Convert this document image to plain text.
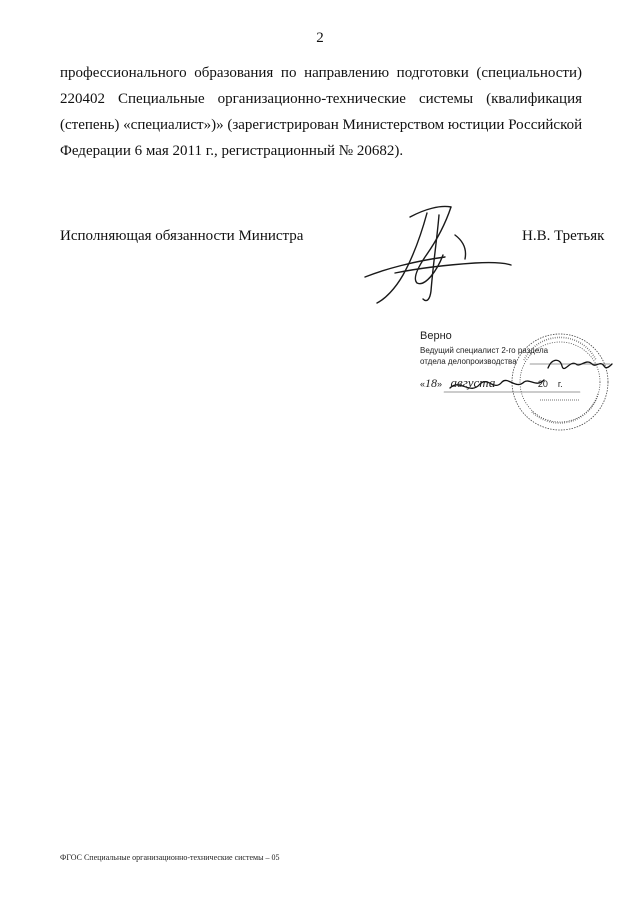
2
профессионального образования по направлению подготовки (специальности)
220402 Специальные организационно-технические системы (квалификация
(степень) «специалист»)» (зарегистрирован Министерством юстиции Российской
Федерации 6 мая 2011 г., регистрационный № 20682).
Исполняющая обязанности Министра	Н.В. Третьяк
Верно
Ведущий специалист 2-го раздела
отдела делопроизводства
«18» августа	20 г.
ФГОС Специальные организационно-технические системы – 05
